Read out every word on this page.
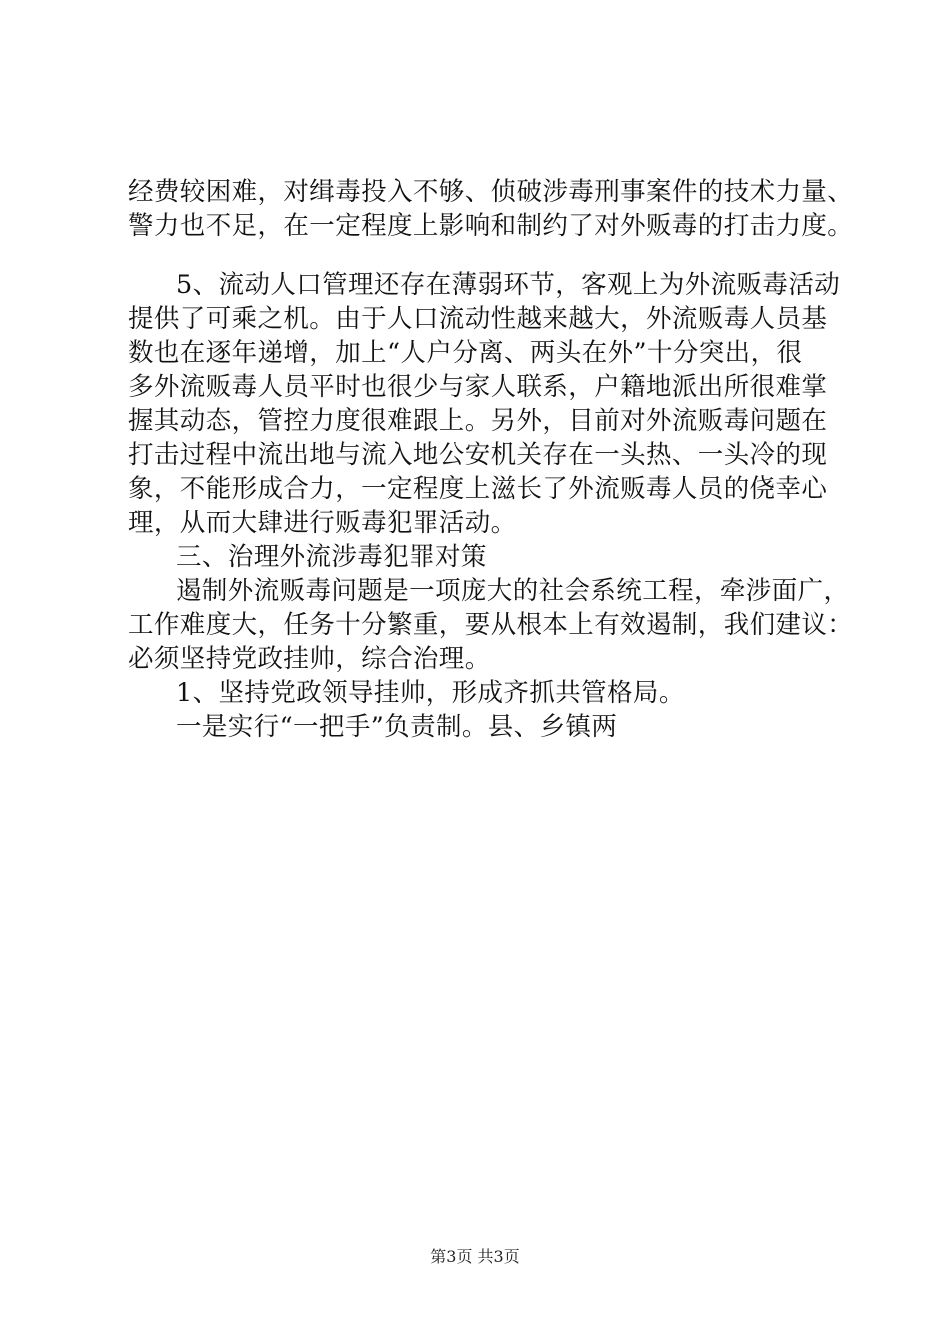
经费较困难，对缉毒投入不够、侦破涉毒刑事案件的技术力量、
警力也不足，在一定程度上影响和制约了对外贩毒的打击力度。
5、流动人口管理还存在薄弱环节，客观上为外流贩毒活动
提供了可乘之机。由于人口流动性越来越大，外流贩毒人员基
数也在逐年递增，加上“人户分离、两头在外”十分突出，很
多外流贩毒人员平时也很少与家人联系，户籍地派出所很难掌
握其动态，管控力度很难跟上。另外，目前对外流贩毒问题在
打击过程中流出地与流入地公安机关存在一头热、一头冷的现
象，不能形成合力，一定程度上滋长了外流贩毒人员的侥幸心
理，从而大肆进行贩毒犯罪活动。
三、治理外流涉毒犯罪对策
遏制外流贩毒问题是一项庞大的社会系统工程，牵涉面广，
工作难度大，任务十分繁重，要从根本上有效遏制，我们建议：
必须坚持党政挂帅，综合治理。
1、坚持党政领导挂帅，形成齐抓共管格局。
一是实行“一把手”负责制。县、乡镇两
第3页 共3页
